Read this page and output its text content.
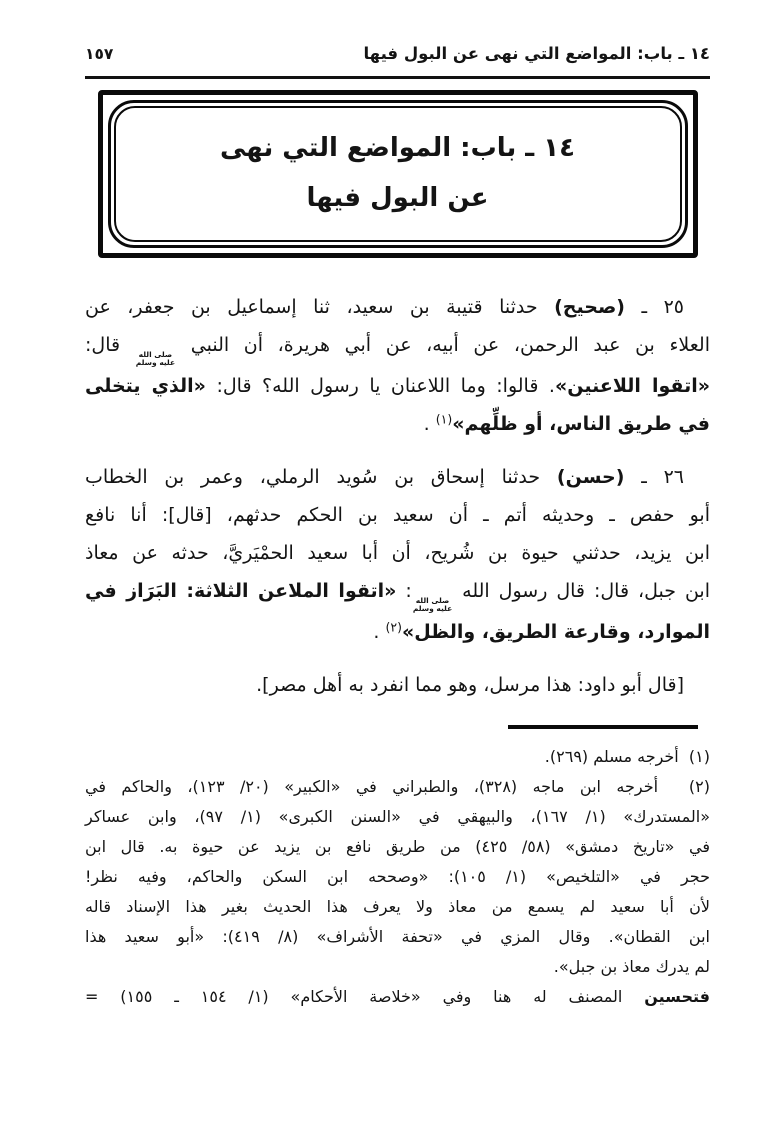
١٤ ـ باب: المواضع التي نهى عن البول فيها
١٥٧
١٤ ـ باب: المواضع التي نهى
عن البول فيها
٢٥ ـ (صحيح) حدثنا قتيبة بن سعيد، ثنا إسماعيل بن جعفر، عن
العلاء بن عبد الرحمن، عن أبيه، عن أبي هريرة، أن النبي
صلى الله
عليه وسلم
قال:
«اتقوا اللاعنين». قالوا: وما اللاعنان يا رسول الله؟ قال: «الذي يتخلى
في طريق الناس، أو ظلِّهم»$^{(١)}$ .
٢٦ ـ (حسن) حدثنا إسحاق بن سُويد الرملي، وعمر بن الخطاب
أبو حفص ـ وحديثه أتم ـ أن سعيد بن الحكم حدثهم، [قال]: أنا نافع
ابن يزيد، حدثني حيوة بن شُريح، أن أبا سعيد الحمْيَريَّ، حدثه عن معاذ
ابن جبل، قال: قال رسول الله
صلى الله
عليه وسلم
: «اتقوا الملاعن الثلاثة: البَرَاز في
الموارد، وقارعة الطريق، والظل»$^{(٢)}$ .
[قال أبو داود: هذا مرسل، وهو مما انفرد به أهل مصر].
(١)  أخرجه مسلم (٢٦٩).
(٢)  أخرجه ابن ماجه (٣٢٨)، والطبراني في «الكبير» (٢٠/ ١٢٣)، والحاكم في
«المستدرك» (١/ ١٦٧)، والبيهقي في «السنن الكبرى» (١/ ٩٧)، وابن عساكر
في «تاريخ دمشق» (٥٨/ ٤٢٥) من طريق نافع بن يزيد عن حيوة به. قال ابن
حجر في «التلخيص» (١/ ١٠٥): «وصححه ابن السكن والحاكم، وفيه نظر!
لأن أبا سعيد لم يسمع من معاذ ولا يعرف هذا الحديث بغير هذا الإسناد قاله
ابن القطان». وقال المزي في «تحفة الأشراف» (٨/ ٤١٩): «أبو سعيد هذا
لم يدرك معاذ بن جبل».
فتحسين المصنف له هنا وفي «خلاصة الأحكام» (١/ ١٥٤ ـ ١٥٥) =
